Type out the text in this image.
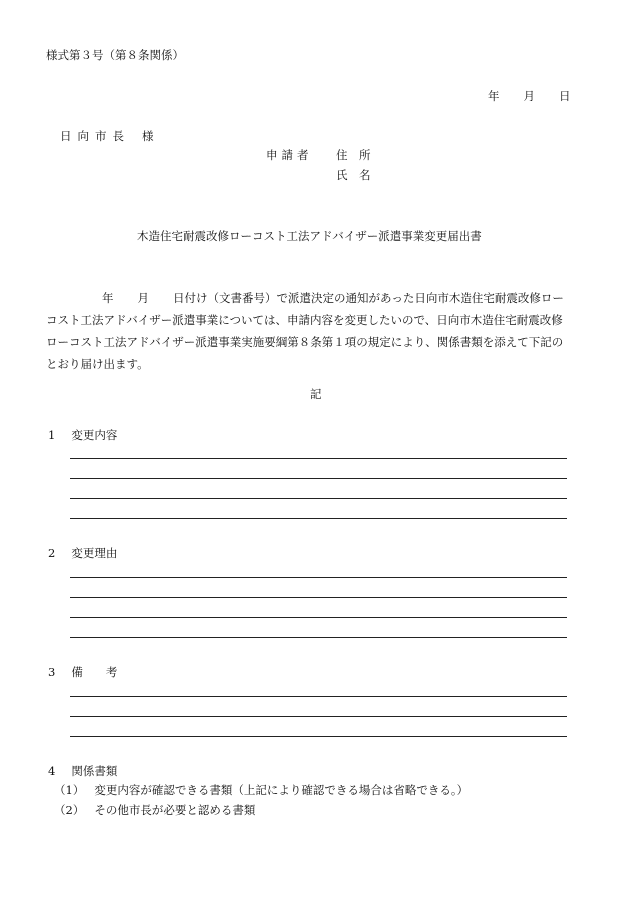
様式第３号（第８条関係）
年 月 日
日向市長 様
申請者 住　所
氏　名
木造住宅耐震改修ローコスト工法アドバイザー派遣事業変更届出書
年 月 日付け（文書番号）で派遣決定の通知があった日向市木造住宅耐震改修ロー
コスト工法アドバイザー派遣事業については、申請内容を変更したいので、日向市木造住宅耐震改修
ローコスト工法アドバイザー派遣事業実施要綱第８条第１項の規定により、関係書類を添えて下記の
とおり届け出ます。
記
1 変更内容
2 変更理由
3 備　　考
4 関係書類
（1） 変更内容が確認できる書類（上記により確認できる場合は省略できる。）
（2） その他市長が必要と認める書類
